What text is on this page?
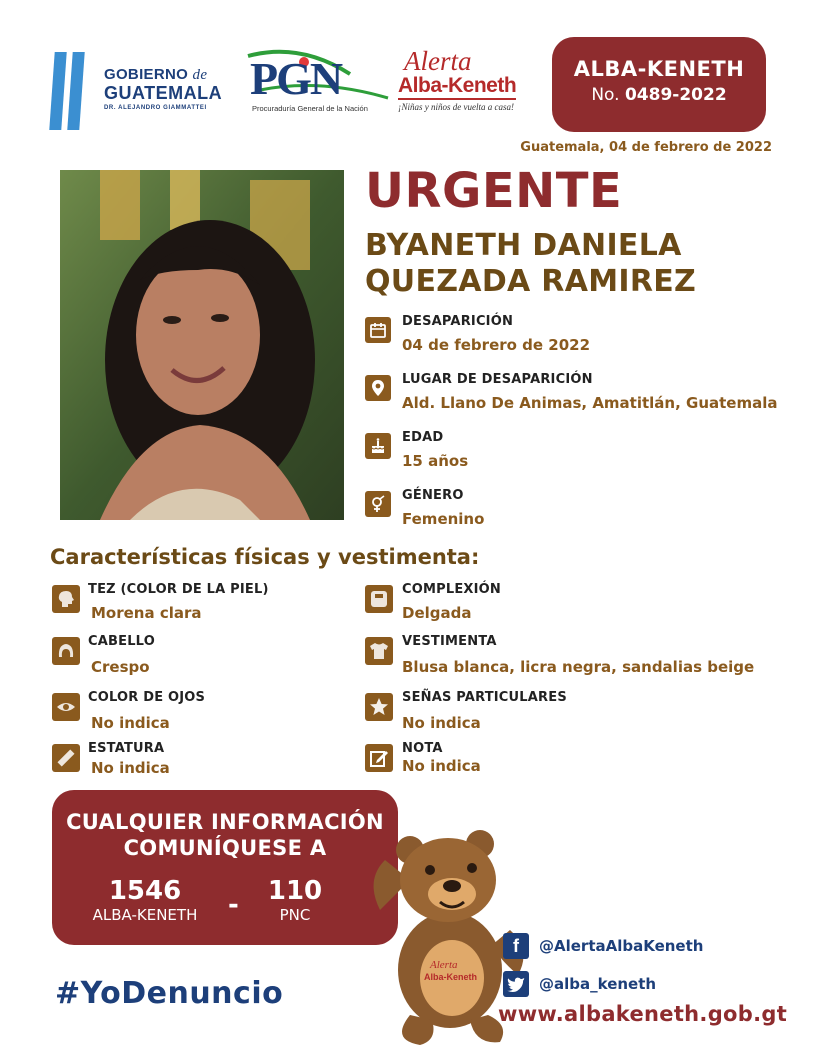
GOBIERNO de
GUATEMALA
DR. ALEJANDRO GIAMMATTEI
PGN
Procuraduría General de la Nación
Alerta
Alba-Keneth
¡Niñas y niños de vuelta a casa!
ALBA-KENETH
No. 0489-2022
Guatemala, 04 de febrero de 2022
URGENTE
BYANETH DANIELA
QUEZADA RAMIREZ
DESAPARICIÓN
04 de febrero de 2022
LUGAR DE DESAPARICIÓN
Ald. Llano De Animas, Amatitlán, Guatemala
EDAD
15 años
GÉNERO
Femenino
Características físicas y vestimenta:
TEZ (COLOR DE LA PIEL)
Morena clara
CABELLO
Crespo
COLOR DE OJOS
No indica
ESTATURA
No indica
COMPLEXIÓN
Delgada
VESTIMENTA
Blusa blanca, licra negra, sandalias beige
SEÑAS PARTICULARES
No indica
NOTA
No indica
CUALQUIER INFORMACIÓN
COMUNÍQUESE A
1546
ALBA-KENETH -	110
PNC
Alerta
Alba-Keneth
#YoDenuncio
f	@AlertaAlbaKeneth
@alba_keneth
www.albakeneth.gob.gt
